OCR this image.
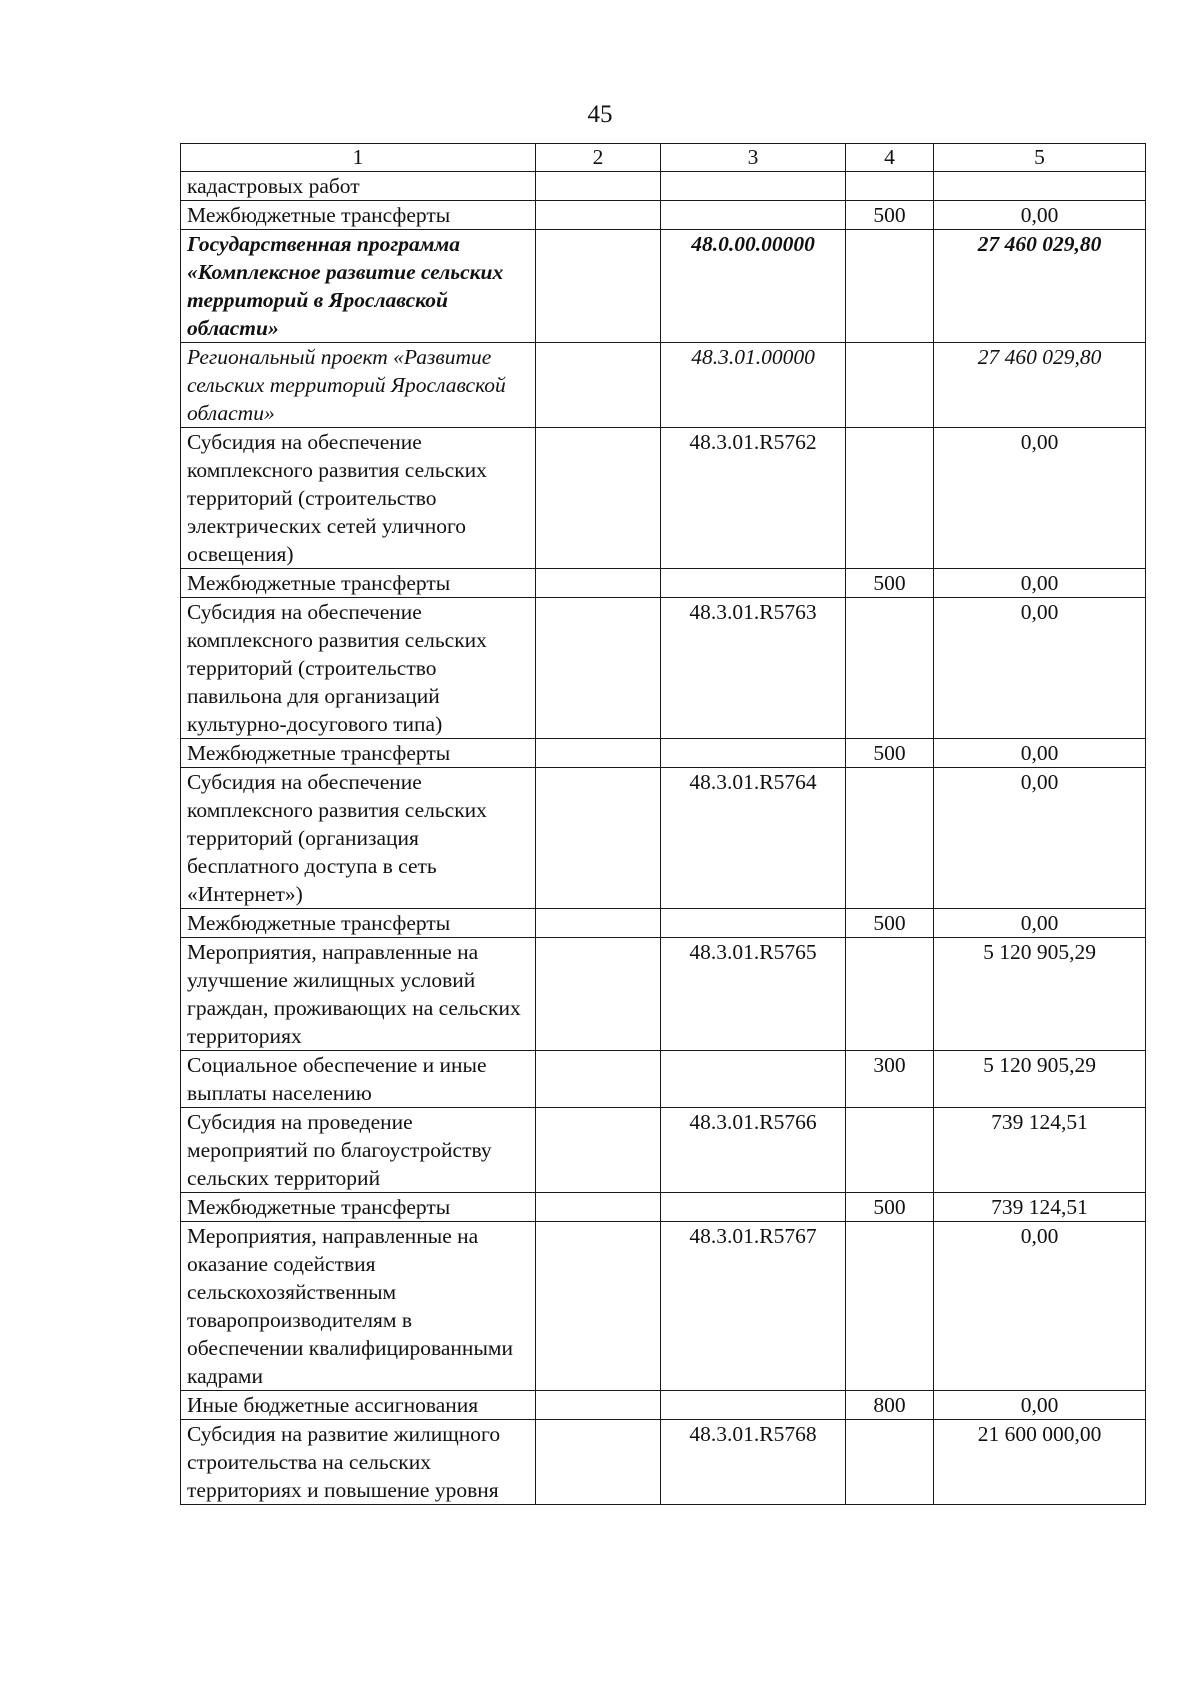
45
1	2	3	4	5
кадастровых работ				
Межбюджетные трансферты			500	0,00
Государственная программа «Комплексное развитие сельских территорий в Ярославской области»		48.0.00.00000		27 460 029,80
Региональный проект «Развитие сельских территорий Ярославской области»		48.3.01.00000		27 460 029,80
Субсидия на обеспечение комплексного развития сельских территорий (строительство электрических сетей уличного освещения)		48.3.01.R5762		0,00
Межбюджетные трансферты			500	0,00
Субсидия на обеспечение комплексного развития сельских территорий (строительство павильона для организаций культурно-досугового типа)		48.3.01.R5763		0,00
Межбюджетные трансферты			500	0,00
Субсидия на обеспечение комплексного развития сельских территорий (организация бесплатного доступа в сеть «Интернет»)		48.3.01.R5764		0,00
Межбюджетные трансферты			500	0,00
Мероприятия, направленные на улучшение жилищных условий граждан, проживающих на сельских территориях		48.3.01.R5765		5 120 905,29
Социальное обеспечение и иные выплаты населению			300	5 120 905,29
Субсидия на проведение мероприятий по благоустройству сельских территорий		48.3.01.R5766		739 124,51
Межбюджетные трансферты			500	739 124,51
Мероприятия, направленные на оказание содействия сельскохозяйственным товаропроизводителям в обеспечении квалифицированными кадрами		48.3.01.R5767		0,00
Иные бюджетные ассигнования			800	0,00
Субсидия на развитие жилищного строительства на сельских территориях и повышение уровня		48.3.01.R5768		21 600 000,00
